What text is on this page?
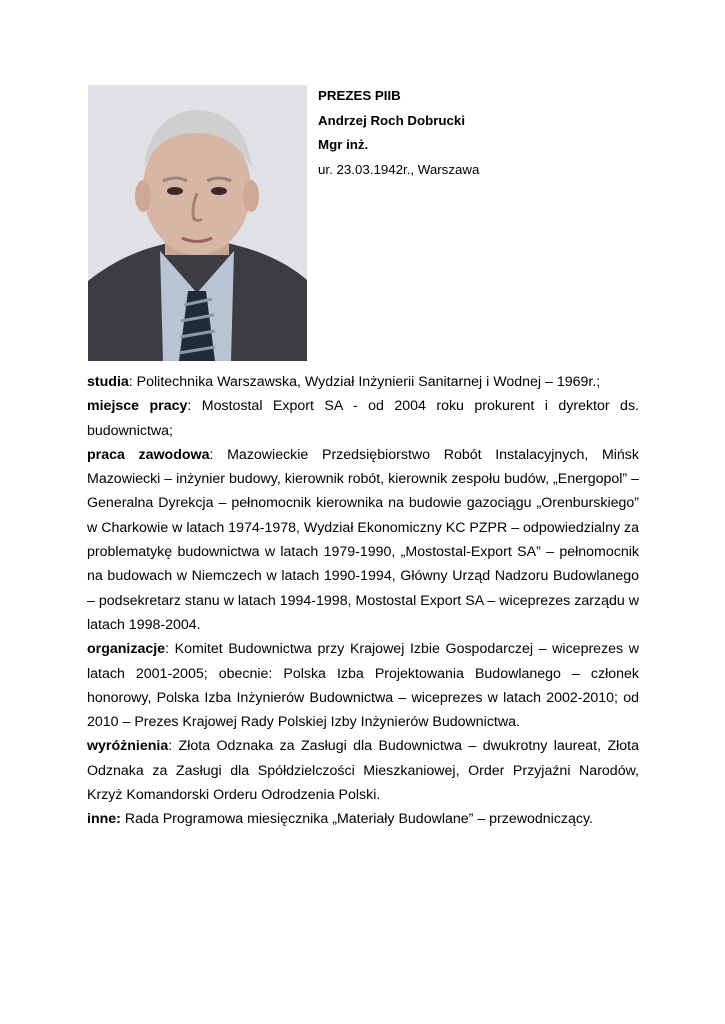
PREZES PIIB
Andrzej Roch Dobrucki
Mgr inż.
ur. 23.03.1942r., Warszawa

studia: Politechnika Warszawska, Wydział Inżynierii Sanitarnej i Wodnej – 1969r.;

miejsce pracy: Mostostal Export SA - od 2004 roku prokurent i dyrektor ds. budownictwa;

praca zawodowa: Mazowieckie Przedsiębiorstwo Robót Instalacyjnych, Mińsk Mazowiecki – inżynier budowy, kierownik robót, kierownik zespołu budów, „Energopol” – Generalna Dyrekcja – pełnomocnik kierownika na budowie gazociągu „Orenburskiego” w Charkowie w latach 1974-1978, Wydział Ekonomiczny KC PZPR – odpowiedzialny za problematykę budownictwa w latach 1979-1990, „Mostostal-Export SA” – pełnomocnik na budowach w Niemczech w latach 1990-1994, Główny Urząd Nadzoru Budowlanego – podsekretarz stanu w latach 1994-1998, Mostostal Export SA – wiceprezes zarządu w latach 1998-2004.

organizacje: Komitet Budownictwa przy Krajowej Izbie Gospodarczej – wiceprezes w latach 2001-2005; obecnie: Polska Izba Projektowania Budowlanego – członek honorowy, Polska Izba Inżynierów Budownictwa – wiceprezes w latach 2002-2010; od 2010 – Prezes Krajowej Rady Polskiej Izby Inżynierów Budownictwa.

wyróżnienia: Złota Odznaka za Zasługi dla Budownictwa – dwukrotny laureat, Złota Odznaka za Zasługi dla Spółdzielczości Mieszkaniowej, Order Przyjaźni Narodów, Krzyż Komandorski Orderu Odrodzenia Polski.

inne: Rada Programowa miesięcznika „Materiały Budowlane” – przewodniczący.
